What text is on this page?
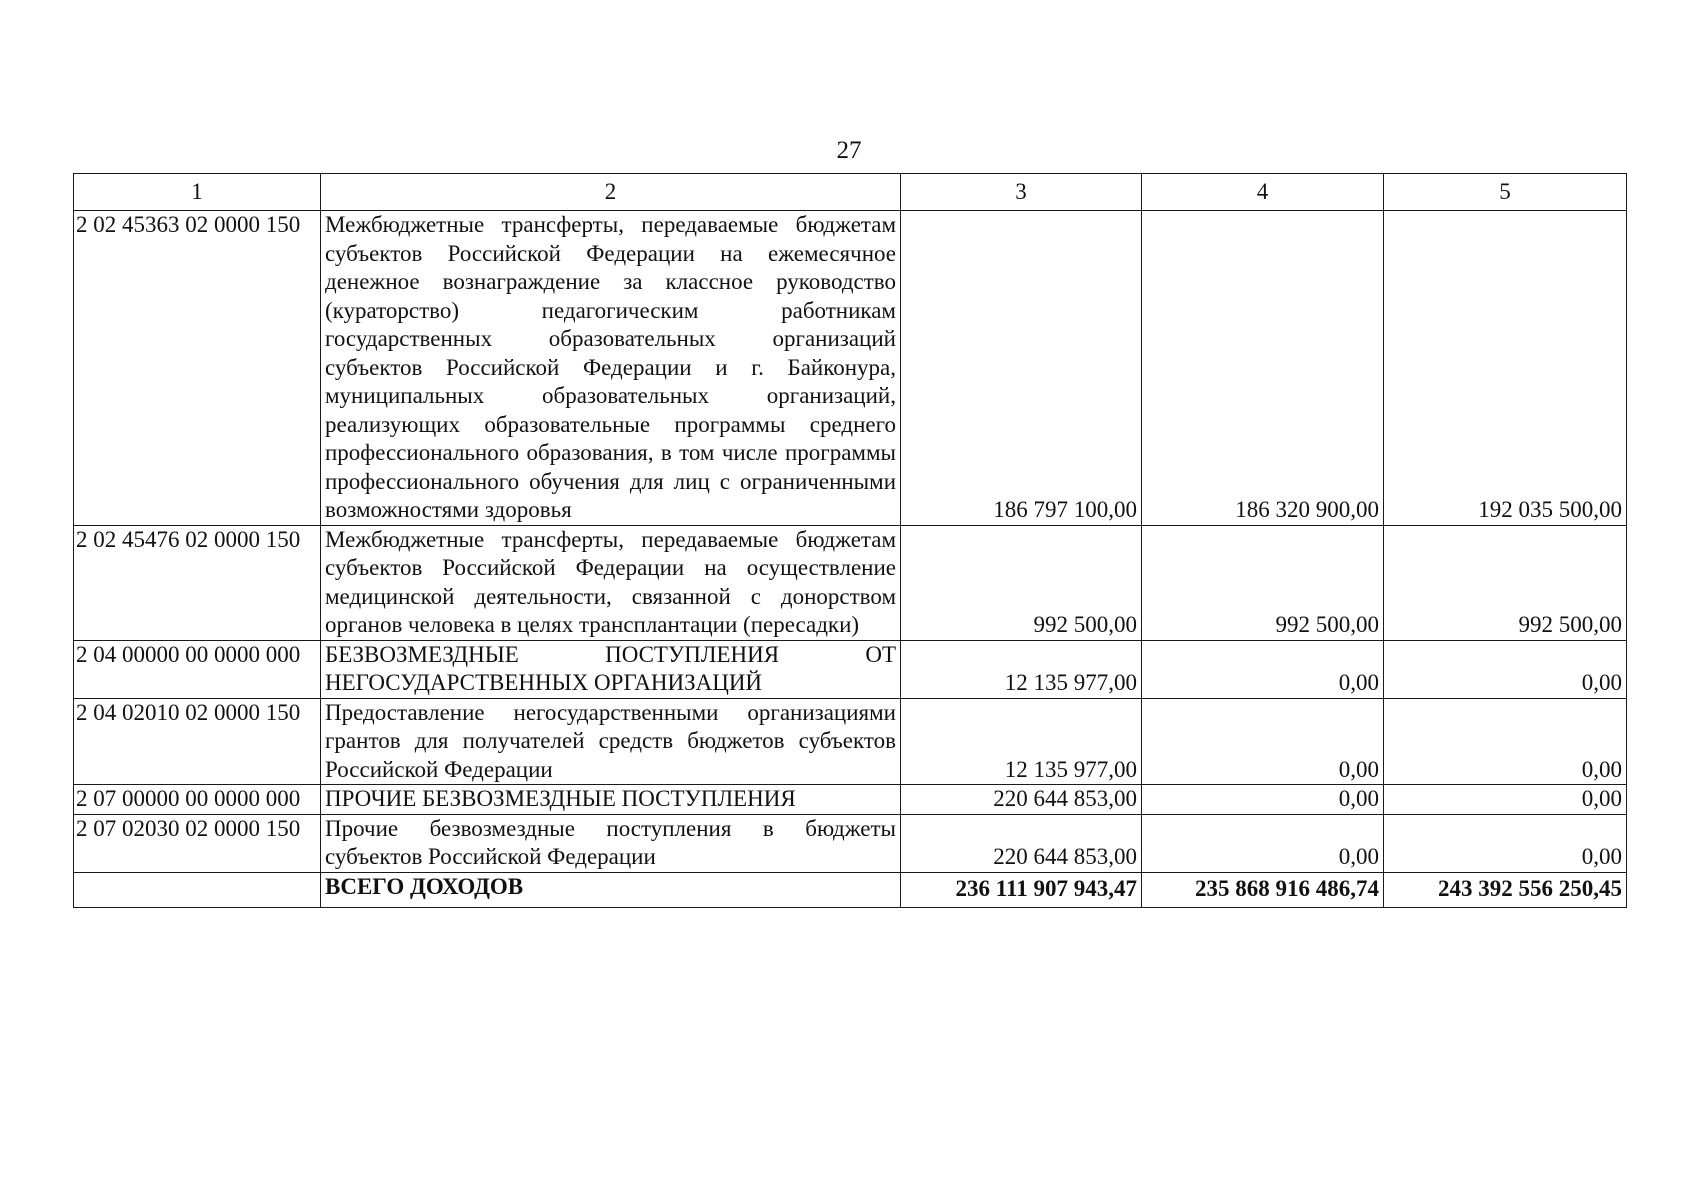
27
1	2	3	4	5
2 02 45363 02 0000 150	Межбюджетные трансферты, передаваемые бюджетам субъектов Российской Федерации на ежемесячное денежное вознаграждение за классное руководство (кураторство) педагогическим работникам государственных образовательных организаций субъектов Российской Федерации и г. Байконура, муниципальных образовательных организаций, реализующих образовательные программы среднего профессионального образования, в том числе программы профессионального обучения для лиц с ограниченными возможностями здоровья	186 797 100,00	186 320 900,00	192 035 500,00
2 02 45476 02 0000 150	Межбюджетные трансферты, передаваемые бюджетам субъектов Российской Федерации на осуществление медицинской деятельности, связанной с донорством органов человека в целях трансплантации (пересадки)	992 500,00	992 500,00	992 500,00
2 04 00000 00 0000 000	БЕЗВОЗМЕЗДНЫЕ ПОСТУПЛЕНИЯ ОТ НЕГОСУДАРСТВЕННЫХ ОРГАНИЗАЦИЙ	12 135 977,00	0,00	0,00
2 04 02010 02 0000 150	Предоставление негосударственными организациями грантов для получателей средств бюджетов субъектов Российской Федерации	12 135 977,00	0,00	0,00
2 07 00000 00 0000 000	ПРОЧИЕ БЕЗВОЗМЕЗДНЫЕ ПОСТУПЛЕНИЯ	220 644 853,00	0,00	0,00
2 07 02030 02 0000 150	Прочие безвозмездные поступления в бюджеты субъектов Российской Федерации	220 644 853,00	0,00	0,00
	ВСЕГО ДОХОДОВ	236 111 907 943,47	235 868 916 486,74	243 392 556 250,45
